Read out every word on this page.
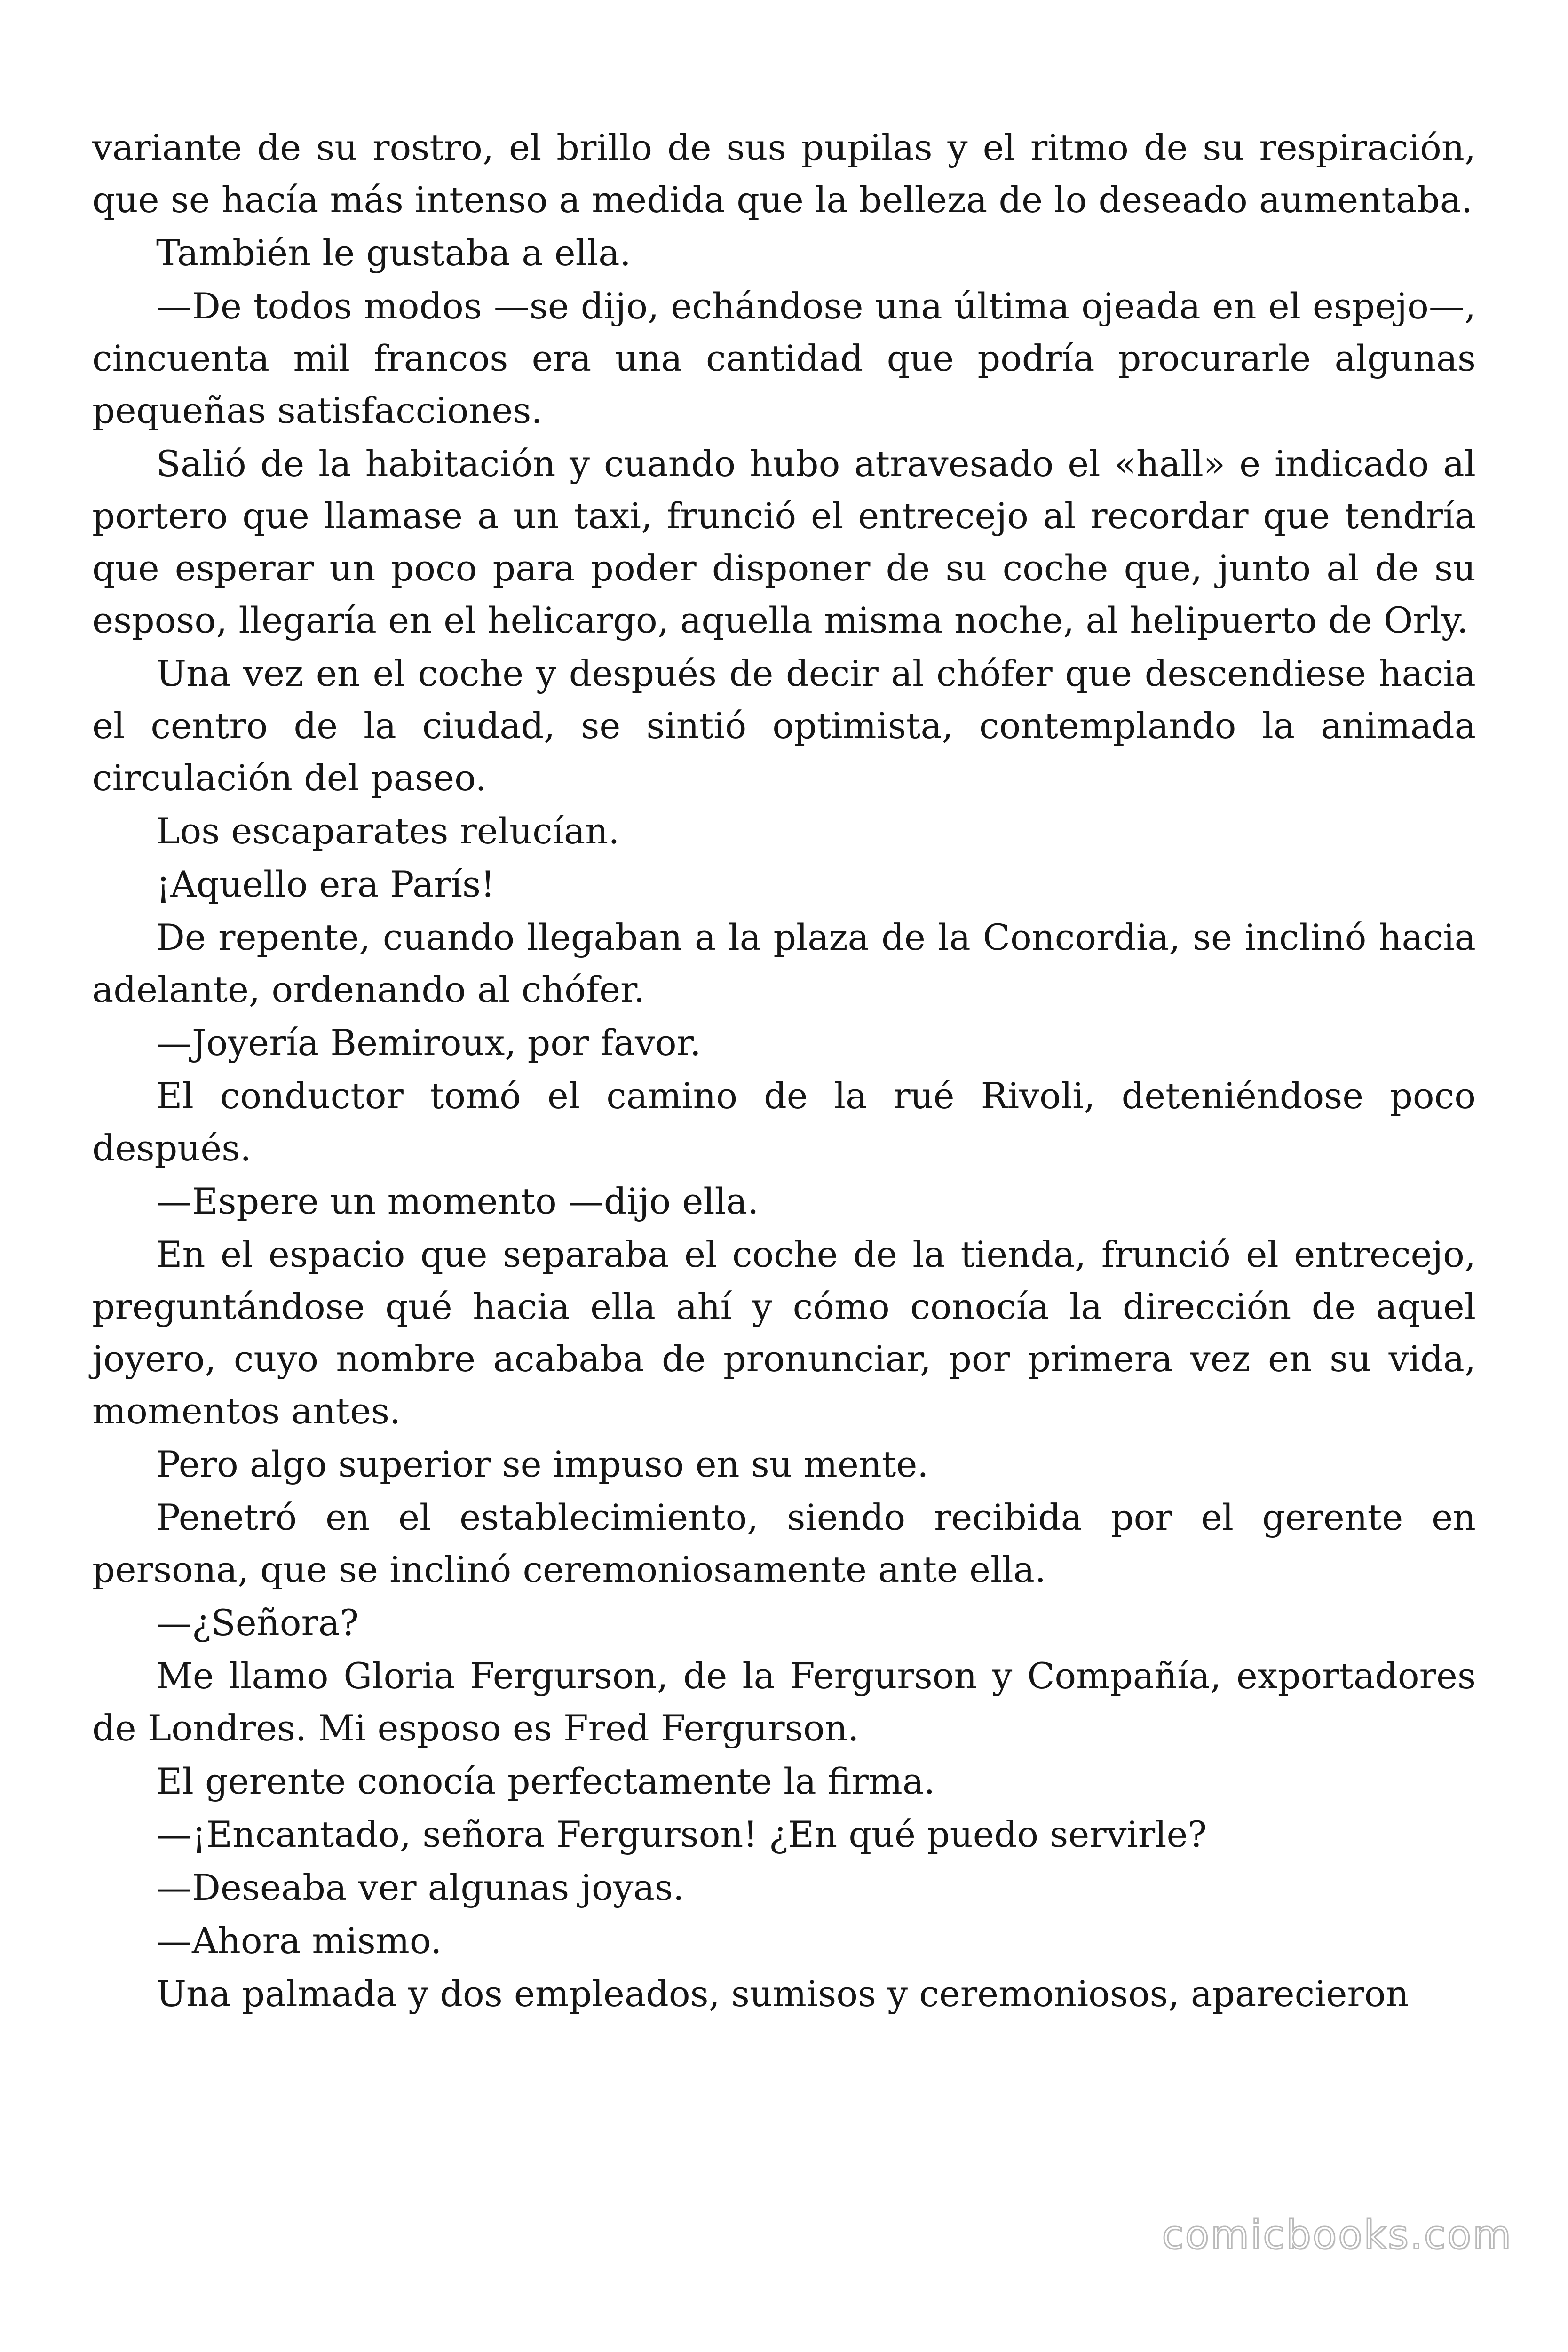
variante de su rostro, el brillo de sus pupilas y el ritmo de su respiración, que se hacía más intenso a medida que la belleza de lo deseado aumentaba.

También le gustaba a ella.

—De todos modos —se dijo, echándose una última ojeada en el espejo—, cincuenta mil francos era una cantidad que podría procurarle algunas pequeñas satisfacciones.

Salió de la habitación y cuando hubo atravesado el «hall» e indicado al portero que llamase a un taxi, frunció el entrecejo al recordar que tendría que esperar un poco para poder disponer de su coche que, junto al de su esposo, llegaría en el helicargo, aquella misma noche, al helipuerto de Orly.

Una vez en el coche y después de decir al chófer que descendiese hacia el centro de la ciudad, se sintió optimista, contemplando la animada circulación del paseo.

Los escaparates relucían.

¡Aquello era París!

De repente, cuando llegaban a la plaza de la Concordia, se inclinó hacia adelante, ordenando al chófer.

—Joyería Bemiroux, por favor.

El conductor tomó el camino de la rué Rivoli, deteniéndose poco después.

—Espere un momento —dijo ella.

En el espacio que separaba el coche de la tienda, frunció el entrecejo, preguntándose qué hacia ella ahí y cómo conocía la dirección de aquel joyero, cuyo nombre acababa de pronunciar, por primera vez en su vida, momentos antes.

Pero algo superior se impuso en su mente.

Penetró en el establecimiento, siendo recibida por el gerente en persona, que se inclinó ceremoniosamente ante ella.

—¿Señora?

Me llamo Gloria Fergurson, de la Fergurson y Compañía, exportadores de Londres. Mi esposo es Fred Fergurson.

El gerente conocía perfectamente la firma.

—¡Encantado, señora Fergurson! ¿En qué puedo servirle?

—Deseaba ver algunas joyas.

—Ahora mismo.

Una palmada y dos empleados, sumisos y ceremoniosos, aparecieron

comicbooks.com
